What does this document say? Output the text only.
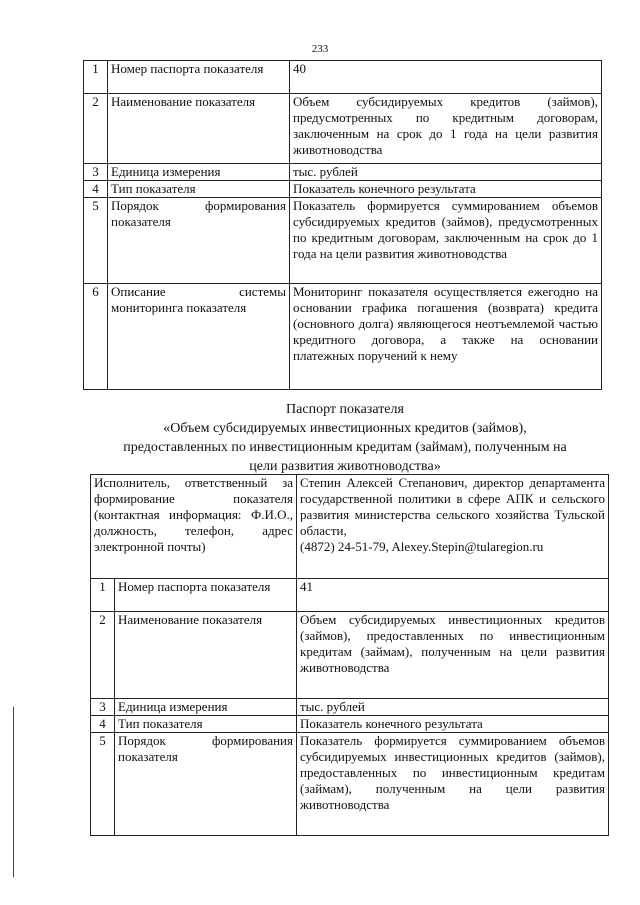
233
1	Номер паспорта показателя	40
2	Наименование показателя	Объем субсидируемых кредитов (займов), предусмотренных по кредитным договорам, заключенным на срок до 1 года на цели развития животноводства
3	Единица измерения	тыс. рублей
4	Тип показателя	Показатель конечного результата
5	Порядок формирования показателя	Показатель формируется суммированием объемов субсидируемых кредитов (займов), предусмотренных по кредитным договорам, заключенным на срок до 1 года на цели развития животноводства
6	Описание системы мониторинга показателя	Мониторинг показателя осуществляется ежегодно на основании графика погашения (возврата) кредита (основного долга) являющегося неотъемлемой частью кредитного договора, а также на основании платежных поручений к нему
Паспорт показателя
«Объем субсидируемых инвестиционных кредитов (займов),
предоставленных по инвестиционным кредитам (займам), полученным на
цели развития животноводства»
Исполнитель, ответственный за формирование показателя (контактная информация: Ф.И.О., должность, телефон, адрес электронной почты)		Степин Алексей Степанович, директор департамента государственной политики в сфере АПК и сельского развития министерства сельского хозяйства Тульской области,
(4872) 24-51-79, Alexey.Stepin@tularegion.ru

1	Номер паспорта показателя	41
2	Наименование показателя	Объем субсидируемых инвестиционных кредитов (займов), предоставленных по инвестиционным кредитам (займам), полученным на цели развития животноводства
3	Единица измерения	тыс. рублей
4	Тип показателя	Показатель конечного результата
5	Порядок формирования показателя	Показатель формируется суммированием объемов субсидируемых инвестиционных кредитов (займов), предоставленных по инвестиционным кредитам (займам), полученным на цели развития животноводства
